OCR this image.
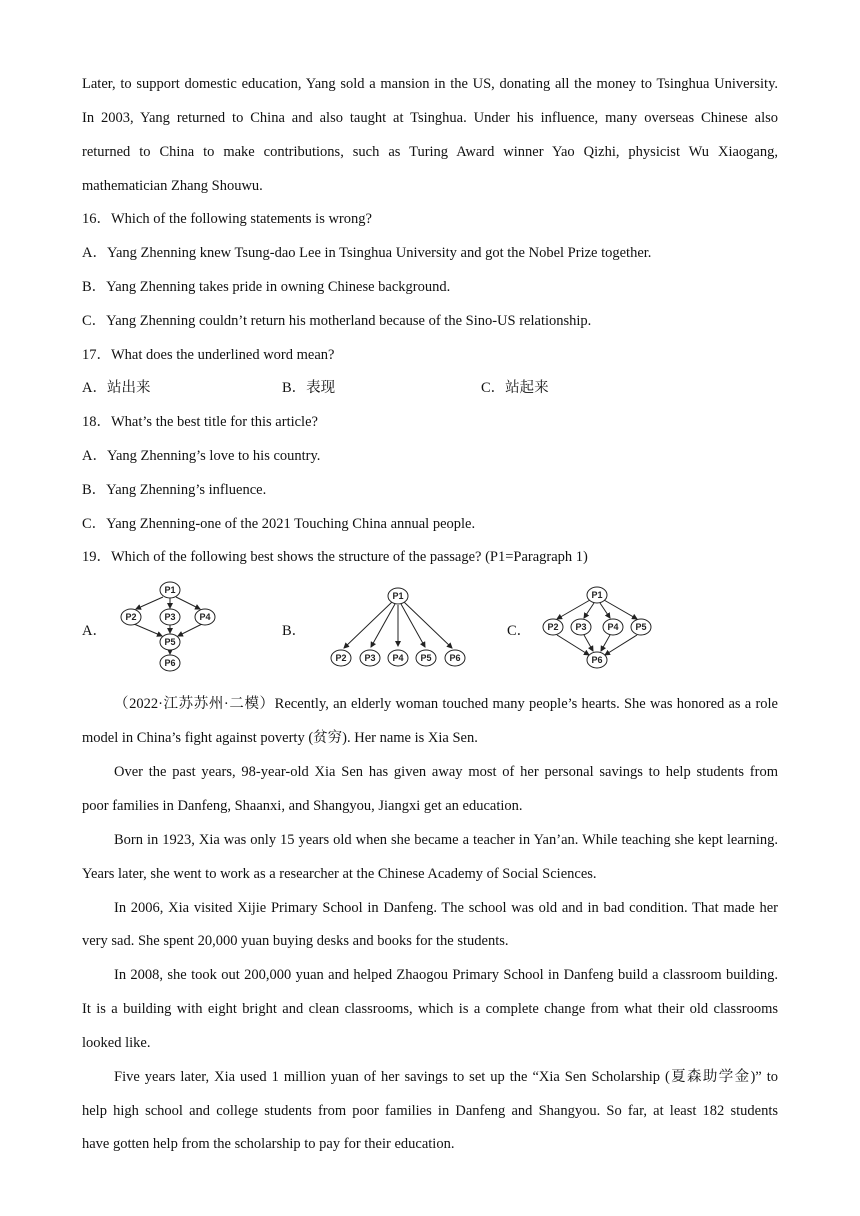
Later, to support domestic education, Yang sold a mansion in the US, donating all the money to Tsinghua University.
In 2003, Yang returned to China and also taught at Tsinghua. Under his influence, many overseas Chinese also
returned to China to make contributions, such as Turing Award winner Yao Qizhi, physicist Wu Xiaogang,
mathematician Zhang Shouwu.
16．Which of the following statements is wrong?
A．Yang Zhenning knew Tsung-dao Lee in Tsinghua University and got the Nobel Prize together.
B．Yang Zhenning takes pride in owning Chinese background.
C．Yang Zhenning couldn’t return his motherland because of the Sino-US relationship.
17．What does the underlined word mean?
A．站出来	B．表现	C．站起来
18．What’s the best title for this article?
A．Yang Zhenning’s love to his country.
B．Yang Zhenning’s influence.
C．Yang Zhenning-one of the 2021 Touching China annual people.
19．Which of the following best shows the structure of the passage? (P1=Paragraph 1)
A．
P1
P2	P3	P4
P5
P6
B．
P1
P2 P3 P4 P5 P6
C．
P1
P2 P3 P4 P5
P6
（2022·江苏苏州·二模）Recently, an elderly woman touched many people’s hearts. She was honored as a role
model in China’s fight against poverty (贫穷). Her name is Xia Sen.
Over the past years, 98-year-old Xia Sen has given away most of her personal savings to help students from
poor families in Danfeng, Shaanxi, and Shangyou, Jiangxi get an education.
Born in 1923, Xia was only 15 years old when she became a teacher in Yan’an. While teaching she kept learning.
Years later, she went to work as a researcher at the Chinese Academy of Social Sciences.
In 2006, Xia visited Xijie Primary School in Danfeng. The school was old and in bad condition. That made her
very sad. She spent 20,000 yuan buying desks and books for the students.
In 2008, she took out 200,000 yuan and helped Zhaogou Primary School in Danfeng build a classroom building.
It is a building with eight bright and clean classrooms, which is a complete change from what their old classrooms
looked like.
Five years later, Xia used 1 million yuan of her savings to set up the “Xia Sen Scholarship (夏森助学金)” to
help high school and college students from poor families in Danfeng and Shangyou. So far, at least 182 students
have gotten help from the scholarship to pay for their education.
